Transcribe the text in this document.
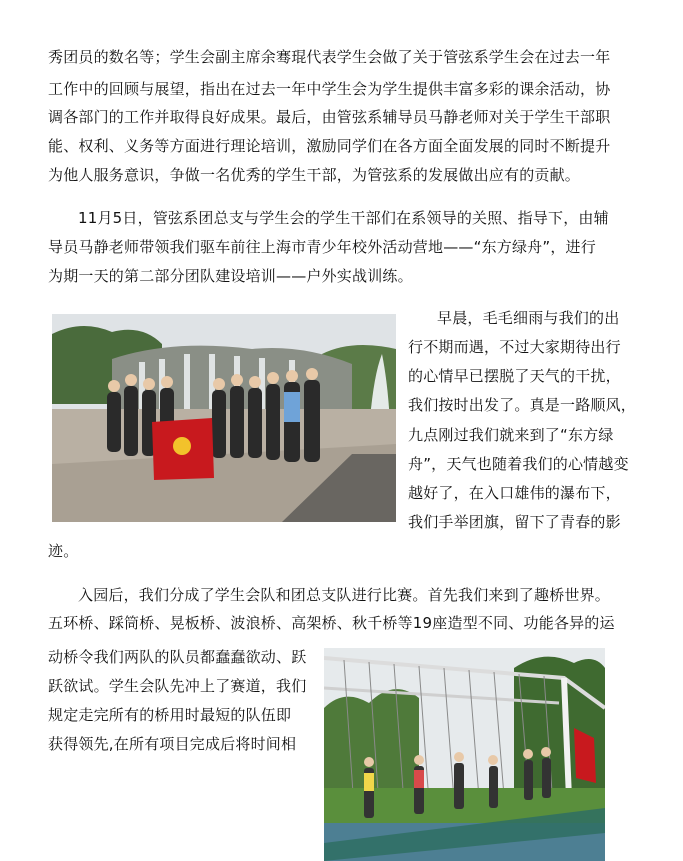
秀团员的数名等；学生会副主席余骞琨代表学生会做了关于管弦系学生会在过去一年
工作中的回顾与展望，指出在过去一年中学生会为学生提供丰富多彩的课余活动，协
调各部门的工作并取得良好成果。最后，由管弦系辅导员马静老师对关于学生干部职
能、权利、义务等方面进行理论培训，激励同学们在各方面全面发展的同时不断提升
为他人服务意识，争做一名优秀的学生干部，为管弦系的发展做出应有的贡献。
11月5日，管弦系团总支与学生会的学生干部们在系领导的关照、指导下，由辅
导员马静老师带领我们驱车前往上海市青少年校外活动营地——“东方绿舟”，进行
为期一天的第二部分团队建设培训——户外实战训练。
早晨，毛毛细雨与我们的出
行不期而遇，不过大家期待出行
的心情早已摆脱了天气的干扰，
我们按时出发了。真是一路顺风，
九点刚过我们就来到了“东方绿
舟”，天气也随着我们的心情越变
越好了，在入口雄伟的瀑布下，
我们手举团旗，留下了青春的影
迹。
入园后，我们分成了学生会队和团总支队进行比赛。首先我们来到了趣桥世界。
五环桥、踩筒桥、晃板桥、波浪桥、高架桥、秋千桥等19座造型不同、功能各异的运
动桥令我们两队的队员都蠢蠢欲动、跃
跃欲试。学生会队先冲上了赛道，我们
规定走完所有的桥用时最短的队伍即
获得领先,在所有项目完成后将时间相
